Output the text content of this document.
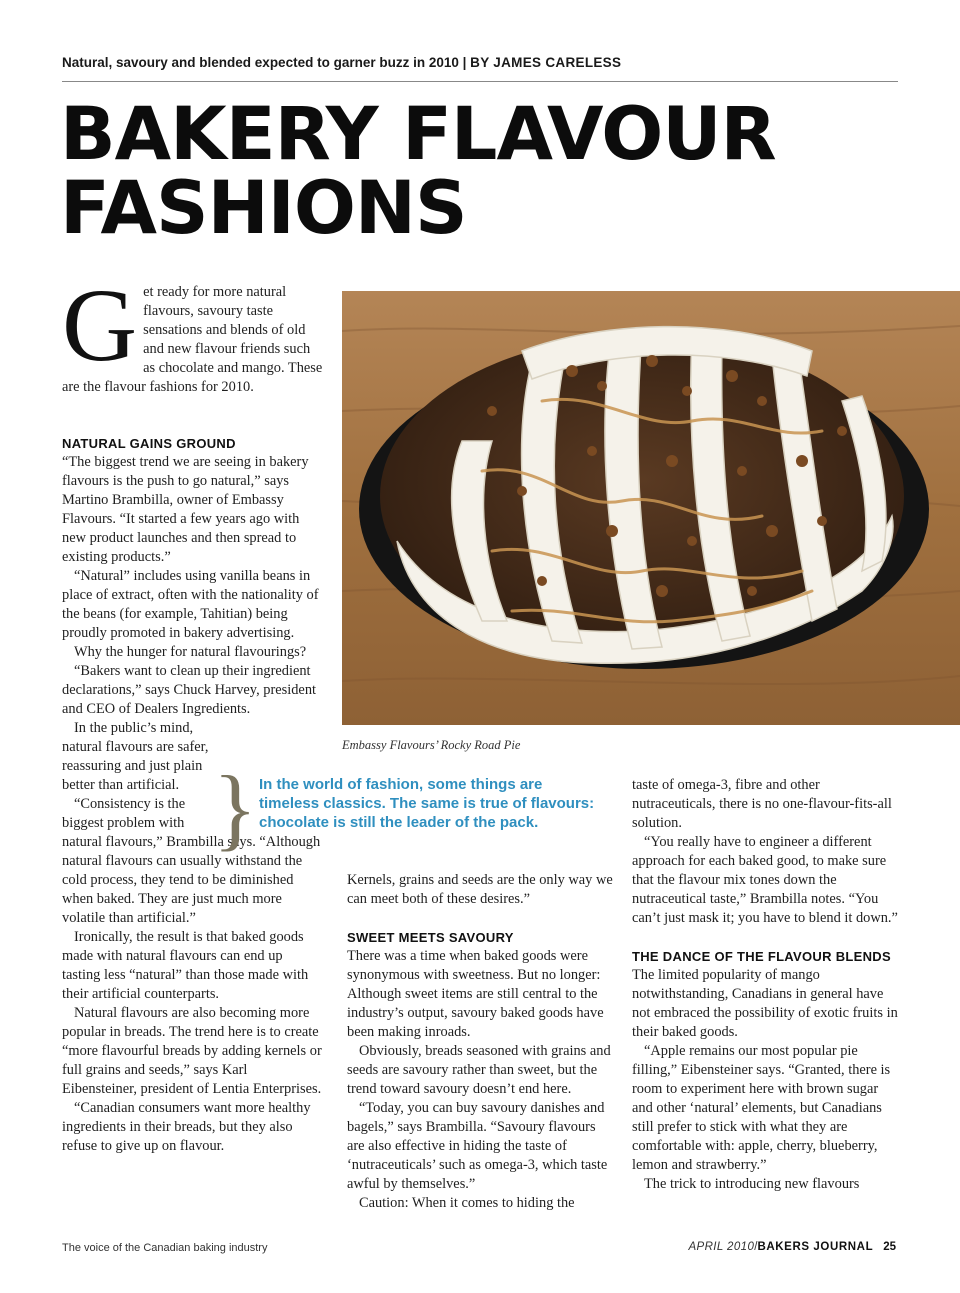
Natural, savoury and blended expected to garner buzz in 2010 | BY JAMES CARELESS
BAKERY FLAVOUR
FASHIONS
G et ready for more natural flavours, savoury taste sensations and blends of old and new flavour friends such as chocolate and mango. These are the flavour fashions for 2010.
Embassy Flavours’ Rocky Road Pie

NATURAL GAINS GROUND

“The biggest trend we are seeing in bakery flavours is the push to go natural,” says Martino Brambilla, owner of Embassy Flavours. “It started a few years ago with new product launches and then spread to existing products.”

“Natural” includes using vanilla beans in place of extract, often with the nationality of the beans (for example, Tahitian) being proudly promoted in bakery advertising.

Why the hunger for natural flavourings?

“Bakers want to clean up their ingredient declarations,” says Chuck Harvey, president and CEO of Dealers Ingredients.

In the public’s mind, natural flavours are safer, reassuring and just plain better than artificial.

“Consistency is the biggest problem with

natural flavours,” Brambilla says. “Although natural flavours can usually withstand the cold process, they tend to be diminished when baked. They are just much more volatile than artificial.”

Ironically, the result is that baked goods made with natural flavours can end up tasting less “natural” than those made with their artificial counterparts.

Natural flavours are also becoming more popular in breads. The trend here is to create “more flavourful breads by adding kernels or full grains and seeds,” says Karl Eibensteiner, president of Lentia Enterprises.

“Canadian consumers want more healthy ingredients in their breads, but they also refuse to give up on flavour.

} In the world of fashion, some things are timeless classics. The same is true of flavours: chocolate is still the leader of the pack.

Kernels, grains and seeds are the only way we can meet both of these desires.”

SWEET MEETS SAVOURY

There was a time when baked goods were synonymous with sweetness. But no longer: Although sweet items are still central to the industry’s output, savoury baked goods have been making inroads.

Obviously, breads seasoned with grains and seeds are savoury rather than sweet, but the trend toward savoury doesn’t end here.

“Today, you can buy savoury danishes and bagels,” says Brambilla. “Savoury flavours are also effective in hiding the taste of ‘nutraceuticals’ such as omega-3, which taste awful by themselves.”

Caution: When it comes to hiding the

taste of omega-3, fibre and other nutraceuticals, there is no one-flavour-fits-all solution.

“You really have to engineer a different approach for each baked good, to make sure that the flavour mix tones down the nutraceutical taste,” Brambilla notes. “You can’t just mask it; you have to blend it down.”

THE DANCE OF THE FLAVOUR BLENDS

The limited popularity of mango notwithstanding, Canadians in general have not embraced the possibility of exotic fruits in their baked goods.

“Apple remains our most popular pie filling,” Eibensteiner says. “Granted, there is room to experiment here with brown sugar and other ‘natural’ elements, but Canadians still prefer to stick with what they are comfortable with: apple, cherry, blueberry, lemon and strawberry.”

The trick to introducing new flavours

The voice of the Canadian baking industry	APRIL 2010/BAKERS JOURNAL 25
